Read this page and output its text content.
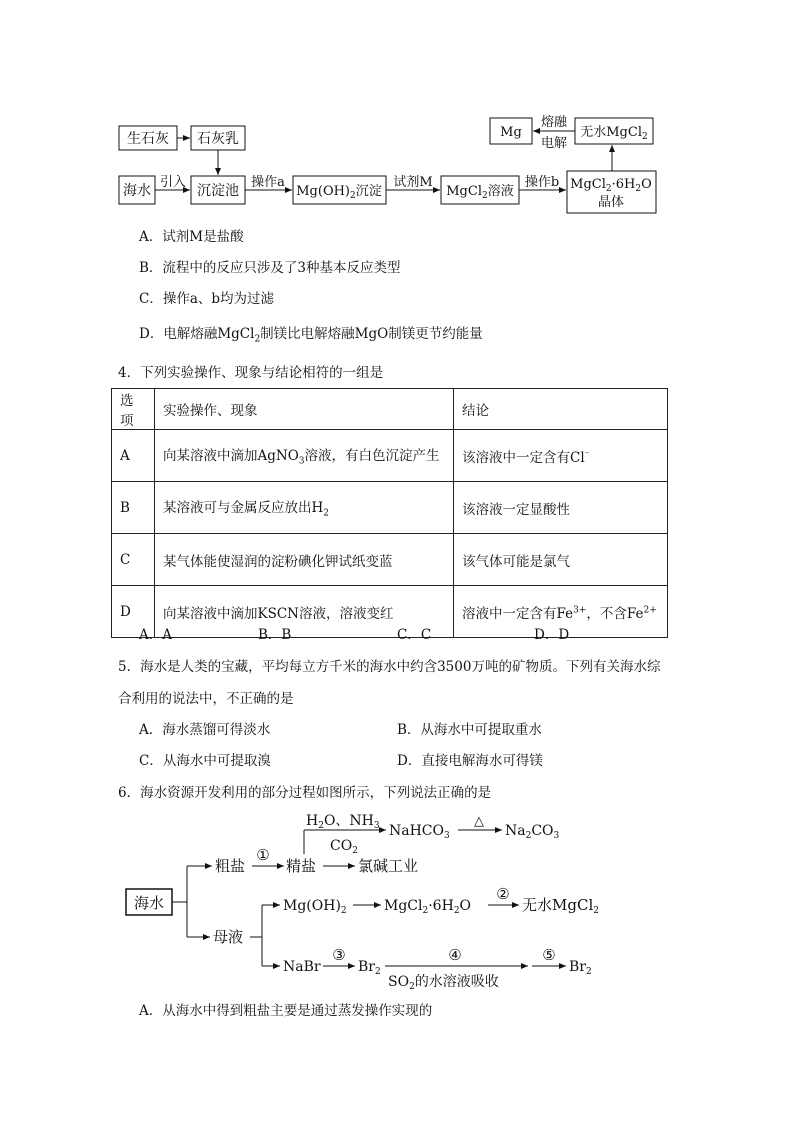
生石灰 石灰乳
海水
引入
沉淀池
操作a
$Mg(OH)_2$沉淀
试剂M
MgCl$_2$溶液
操作b $MgCl_2\cdot 6H_2O$
晶体
无水MgCl$_2$
Mg
熔融
电解
A．试剂M是盐酸
B．流程中的反应只涉及了3种基本反应类型
C．操作a、b均为过滤
D．电解熔融MgCl$_2$制镁比电解熔融MgO制镁更节约能量
4．下列实验操作、现象与结论相符的一组是
选项	实验操作、现象	结论
A	向某溶液中滴加AgNO$_3$溶液，有白色沉淀产生	该溶液中一定含有Cl⁻
B	某溶液可与金属反应放出$H_2$	该溶液一定显酸性
C	某气体能使湿润的淀粉碘化钾试纸变蓝	该气体可能是氯气
D	向某溶液中滴加KSCN溶液，溶液变红	溶液中一定含有$Fe^{3+}$，不含$Fe^{2+}$
A．A	B．B	C．C	D．D
5．海水是人类的宝藏，平均每立方千米的海水中约含3500万吨的矿物质。下列有关海水综
合利用的说法中，不正确的是
A．海水蒸馏可得淡水	B．从海水中可提取重水
C．从海水中可提取溴	D．直接电解海水可得镁
6．海水资源开发利用的部分过程如图所示，下列说法正确的是
海水
粗盐
①
精盐
$H_2O$、$NH_3$
$CO_2$
NaHCO$_3$
△
$Na_2CO_3$
氯碱工业
母液
$Mg(OH)_2$	$MgCl_2\cdot 6H_2O$
②
无水MgCl$_2$
NaBr
③
$Br_2$
④
$SO_2$的水溶液吸收
⑤
$Br_2$
A．从海水中得到粗盐主要是通过蒸发操作实现的
